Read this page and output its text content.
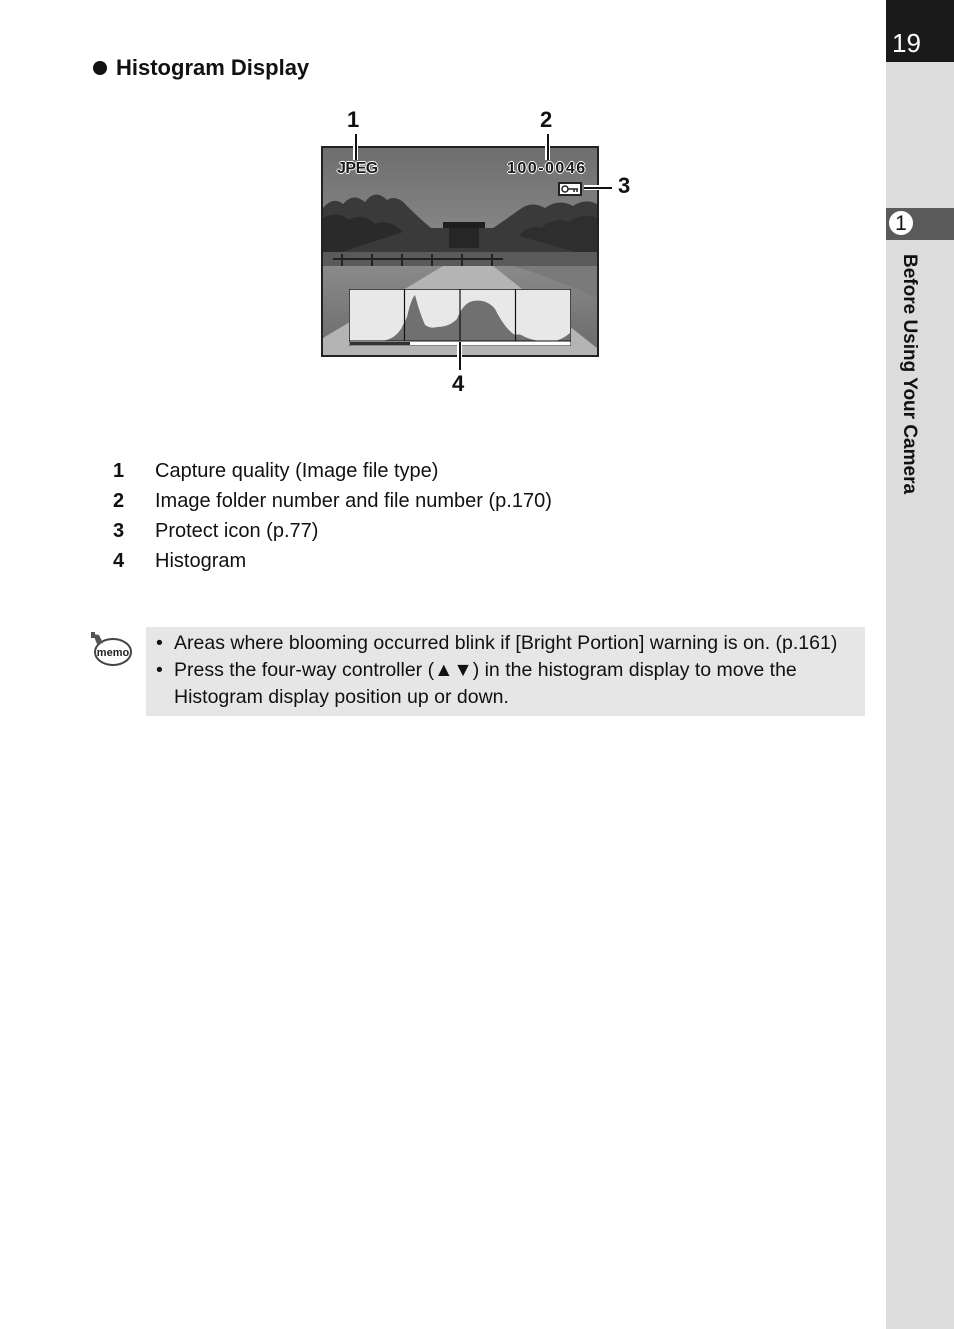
19
1
Before Using Your Camera
Histogram Display
JPEG	100-0046
1	2
3
4
1 Capture quality (Image file type)
2 Image folder number and file number (p.170)
3 Protect icon (p.77)
4 Histogram
memo • Areas where blooming occurred blink if [Bright Portion] warning is on. (p.161)
• Press the four-way controller (▲▼) in the histogram display to move the
Histogram display position up or down.
